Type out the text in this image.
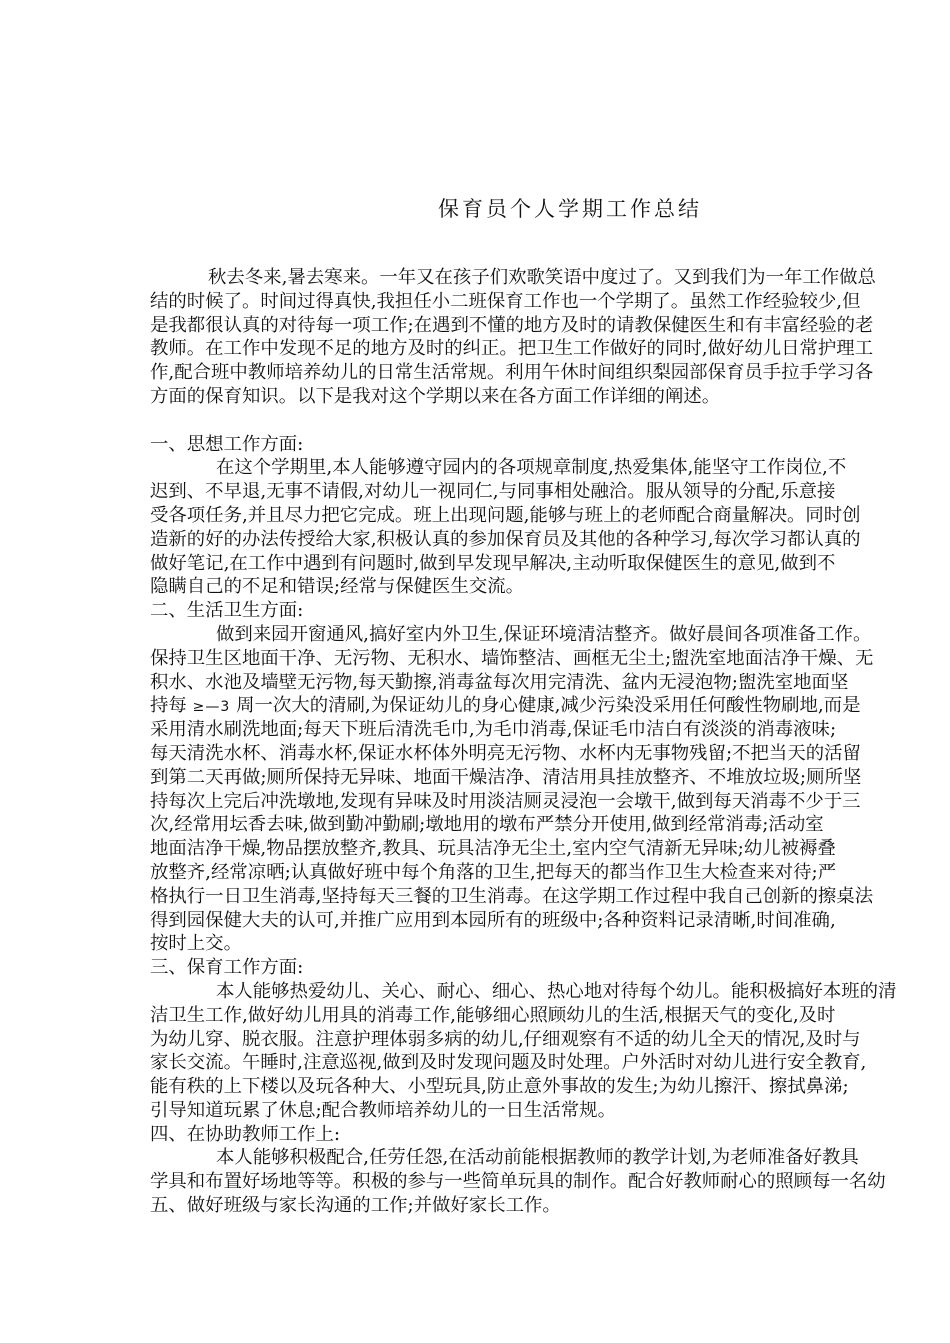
保育员个人学期工作总结
秋去冬来,暑去寒来。一年又在孩子们欢歌笑语中度过了。又到我们为一年工作做总
结的时候了。时间过得真快,我担任小二班保育工作也一个学期了。虽然工作经验较少,但
是我都很认真的对待每一项工作;在遇到不懂的地方及时的请教保健医生和有丰富经验的老
教师。在工作中发现不足的地方及时的纠正。把卫生工作做好的同时,做好幼儿日常护理工
作,配合班中教师培养幼儿的日常生活常规。利用午休时间组织梨园部保育员手拉手学习各
方面的保育知识。以下是我对这个学期以来在各方面工作详细的阐述。
一、思想工作方面:
在这个学期里,本人能够遵守园内的各项规章制度,热爱集体,能坚守工作岗位,不
迟到、不早退,无事不请假,对幼儿一视同仁,与同事相处融洽。服从领导的分配,乐意接
受各项任务,并且尽力把它完成。班上出现问题,能够与班上的老师配合商量解决。同时创
造新的好的办法传授给大家,积极认真的参加保育员及其他的各种学习,每次学习都认真的
做好笔记,在工作中遇到有问题时,做到早发现早解决,主动听取保健医生的意见,做到不
隐瞒自己的不足和错误;经常与保健医生交流。
二、生活卫生方面:
做到来园开窗通风,搞好室内外卫生,保证环境清洁整齐。做好晨间各项准备工作。
保持卫生区地面干净、无污物、无积水、墙饰整洁、画框无尘土;盥洗室地面洁净干燥、无
积水、水池及墙壁无污物,每天勤擦,消毒盆每次用完清洗、盆内无浸泡物;盥洗室地面坚
持每 ≥—3 周一次大的清刷,为保证幼儿的身心健康,减少污染没采用任何酸性物刷地,而是
采用清水刷洗地面;每天下班后清洗毛巾,为毛巾消毒,保证毛巾洁白有淡淡的消毒液味;
每天清洗水杯、消毒水杯,保证水杯体外明亮无污物、水杯内无事物残留;不把当天的活留
到第二天再做;厕所保持无异味、地面干燥洁净、清洁用具挂放整齐、不堆放垃圾;厕所坚
持每次上完后冲洗墩地,发现有异味及时用淡洁厕灵浸泡一会墩干,做到每天消毒不少于三
次,经常用坛香去味,做到勤冲勤刷;墩地用的墩布严禁分开使用,做到经常消毒;活动室
地面洁净干燥,物品摆放整齐,教具、玩具洁净无尘土,室内空气清新无异味;幼儿被褥叠
放整齐,经常凉晒;认真做好班中每个角落的卫生,把每天的都当作卫生大检查来对待;严
格执行一日卫生消毒,坚持每天三餐的卫生消毒。在这学期工作过程中我自己创新的擦桌法
得到园保健大夫的认可,并推广应用到本园所有的班级中;各种资料记录清晰,时间准确,
按时上交。
三、保育工作方面:
本人能够热爱幼儿、关心、耐心、细心、热心地对待每个幼儿。能积极搞好本班的清
洁卫生工作,做好幼儿用具的消毒工作,能够细心照顾幼儿的生活,根据天气的变化,及时
为幼儿穿、脱衣服。注意护理体弱多病的幼儿,仔细观察有不适的幼儿全天的情况,及时与
家长交流。午睡时,注意巡视,做到及时发现问题及时处理。户外活时对幼儿进行安全教育,
能有秩的上下楼以及玩各种大、小型玩具,防止意外事故的发生;为幼儿擦汗、擦拭鼻涕;
引导知道玩累了休息;配合教师培养幼儿的一日生活常规。
四、在协助教师工作上:
本人能够积极配合,任劳任怨,在活动前能根据教师的教学计划,为老师准备好教具
学具和布置好场地等等。积极的参与一些简单玩具的制作。配合好教师耐心的照顾每一名幼
五、做好班级与家长沟通的工作;并做好家长工作。
